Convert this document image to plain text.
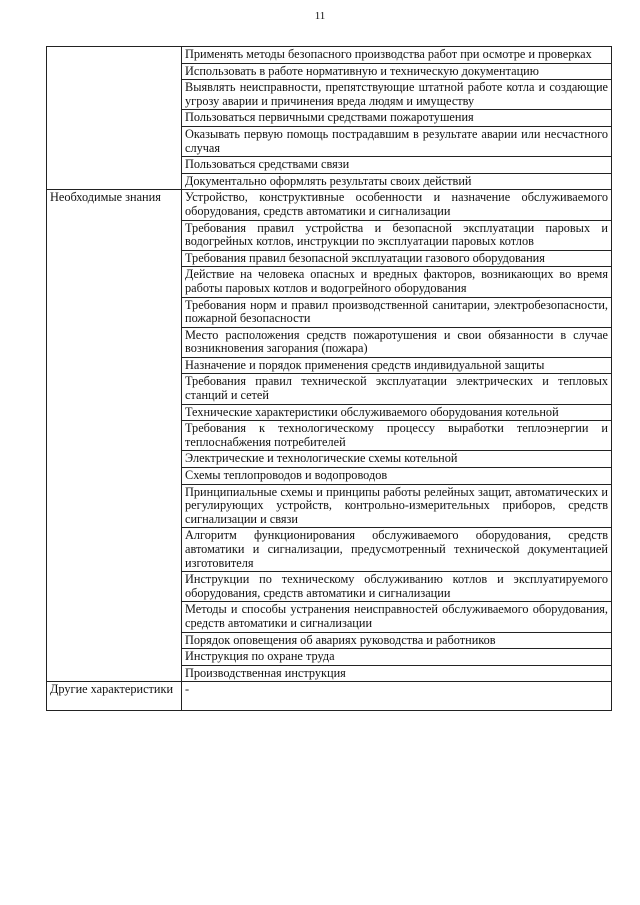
11
	Применять методы безопасного производства работ при осмотре и проверках
	Использовать в работе нормативную и техническую документацию
	Выявлять неисправности, препятствующие штатной работе котла и создающие угрозу аварии и причинения вреда людям и имуществу
	Пользоваться первичными средствами пожаротушения
	Оказывать первую помощь пострадавшим в результате аварии или несчастного случая
	Пользоваться средствами связи
	Документально оформлять результаты своих действий
Необходимые знания	Устройство, конструктивные особенности и назначение обслуживаемого оборудования, средств автоматики и сигнализации
	Требования правил устройства и безопасной эксплуатации паровых и водогрейных котлов, инструкции по эксплуатации паровых котлов
	Требования правил безопасной эксплуатации газового оборудования
	Действие на человека опасных и вредных факторов, возникающих во время работы паровых котлов и водогрейного оборудования
	Требования норм и правил производственной санитарии, электробезопасности, пожарной безопасности
	Место расположения средств пожаротушения и свои обязанности в случае возникновения загорания (пожара)
	Назначение и порядок применения средств индивидуальной защиты
	Требования правил технической эксплуатации электрических и тепловых станций и сетей
	Технические характеристики обслуживаемого оборудования котельной
	Требования к технологическому процессу выработки теплоэнергии и теплоснабжения потребителей
	Электрические и технологические схемы котельной
	Схемы теплопроводов и водопроводов
	Принципиальные схемы и принципы работы релейных защит, автоматических и регулирующих устройств, контрольно-измерительных приборов, средств сигнализации и связи
	Алгоритм функционирования обслуживаемого оборудования, средств автоматики и сигнализации, предусмотренный технической документацией изготовителя
	Инструкции по техническому обслуживанию котлов и эксплуатируемого оборудования, средств автоматики и сигнализации
	Методы и способы устранения неисправностей обслуживаемого оборудования, средств автоматики и сигнализации
	Порядок оповещения об авариях руководства и работников
	Инструкция по охране труда
	Производственная инструкция
Другие характеристики	-
